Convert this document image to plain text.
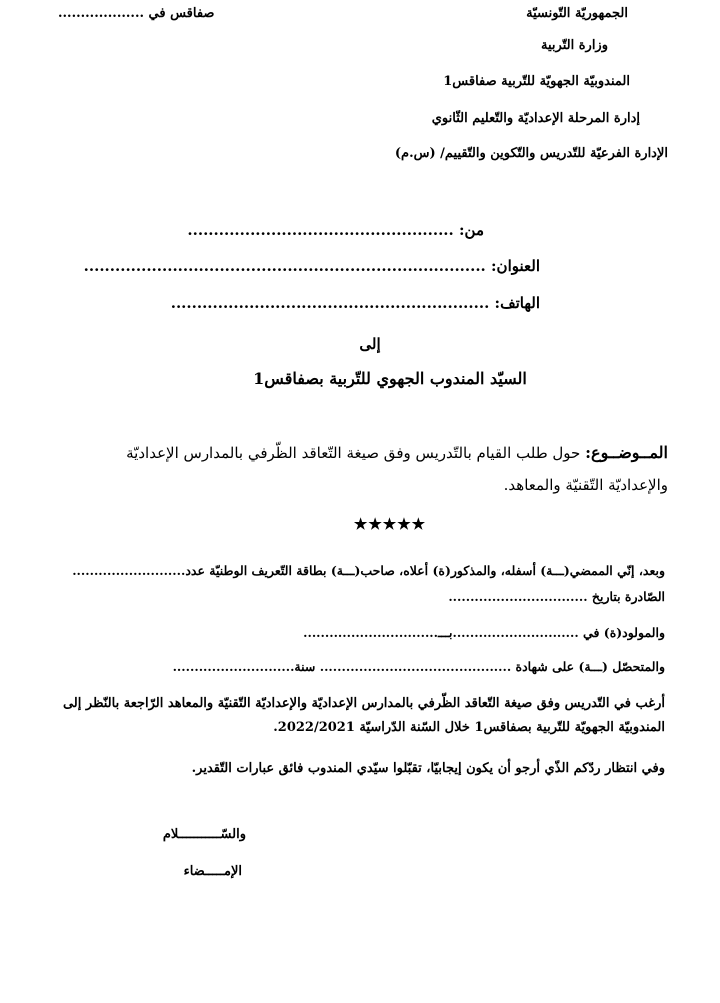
الجمهوريّة التّونسيّة
وزارة التّربية
المندوبيّة الجهويّة للتّربية صفاقس1
إدارة المرحلة الإعداديّة والتّعليم الثّانوي
الإدارة الفرعيّة للتّدريس والتّكوين والتّقييم/ (س.م)
صفاقس في ...................
من: ...................................................
العنوان: .............................................................................
الهاتف: .............................................................
إلى
السيّد المندوب الجهوي للتّربية بصفاقس1
المــوضــوع: حول طلب القيام بالتّدريس وفق صيغة التّعاقد الظّرفي بالمدارس الإعداديّة
والإعداديّة التّقنيّة والمعاهد.
★★★★★
وبعد، إنّي الممضي(ـــة) أسفله، والمذكور(ة) أعلاه، صاحب(ـــة) بطاقة التّعريف الوطنيّة عدد..........................
الصّادرة بتاريخ ................................
والمولود(ة) في .............................بـــ...............................
والمتحصّل (ـــة) على شهادة ............................................ سنة............................
أرغب في التّدريس وفق صيغة التّعاقد الظّرفي بالمدارس الإعداديّة والإعداديّة التّقنيّة والمعاهد الرّاجعة بالنّظر إلى المندوبيّة الجهويّة للتّربية بصفاقس1 خلال السّنة الدّراسيّة 2022/2021.
وفي انتظار ردّكم الذّي أرجو أن يكون إيجابيّا، تقبّلوا سيّدي المندوب فائق عبارات التّقدير.
والسّـــــــــــلام
الإمـــــضاء
